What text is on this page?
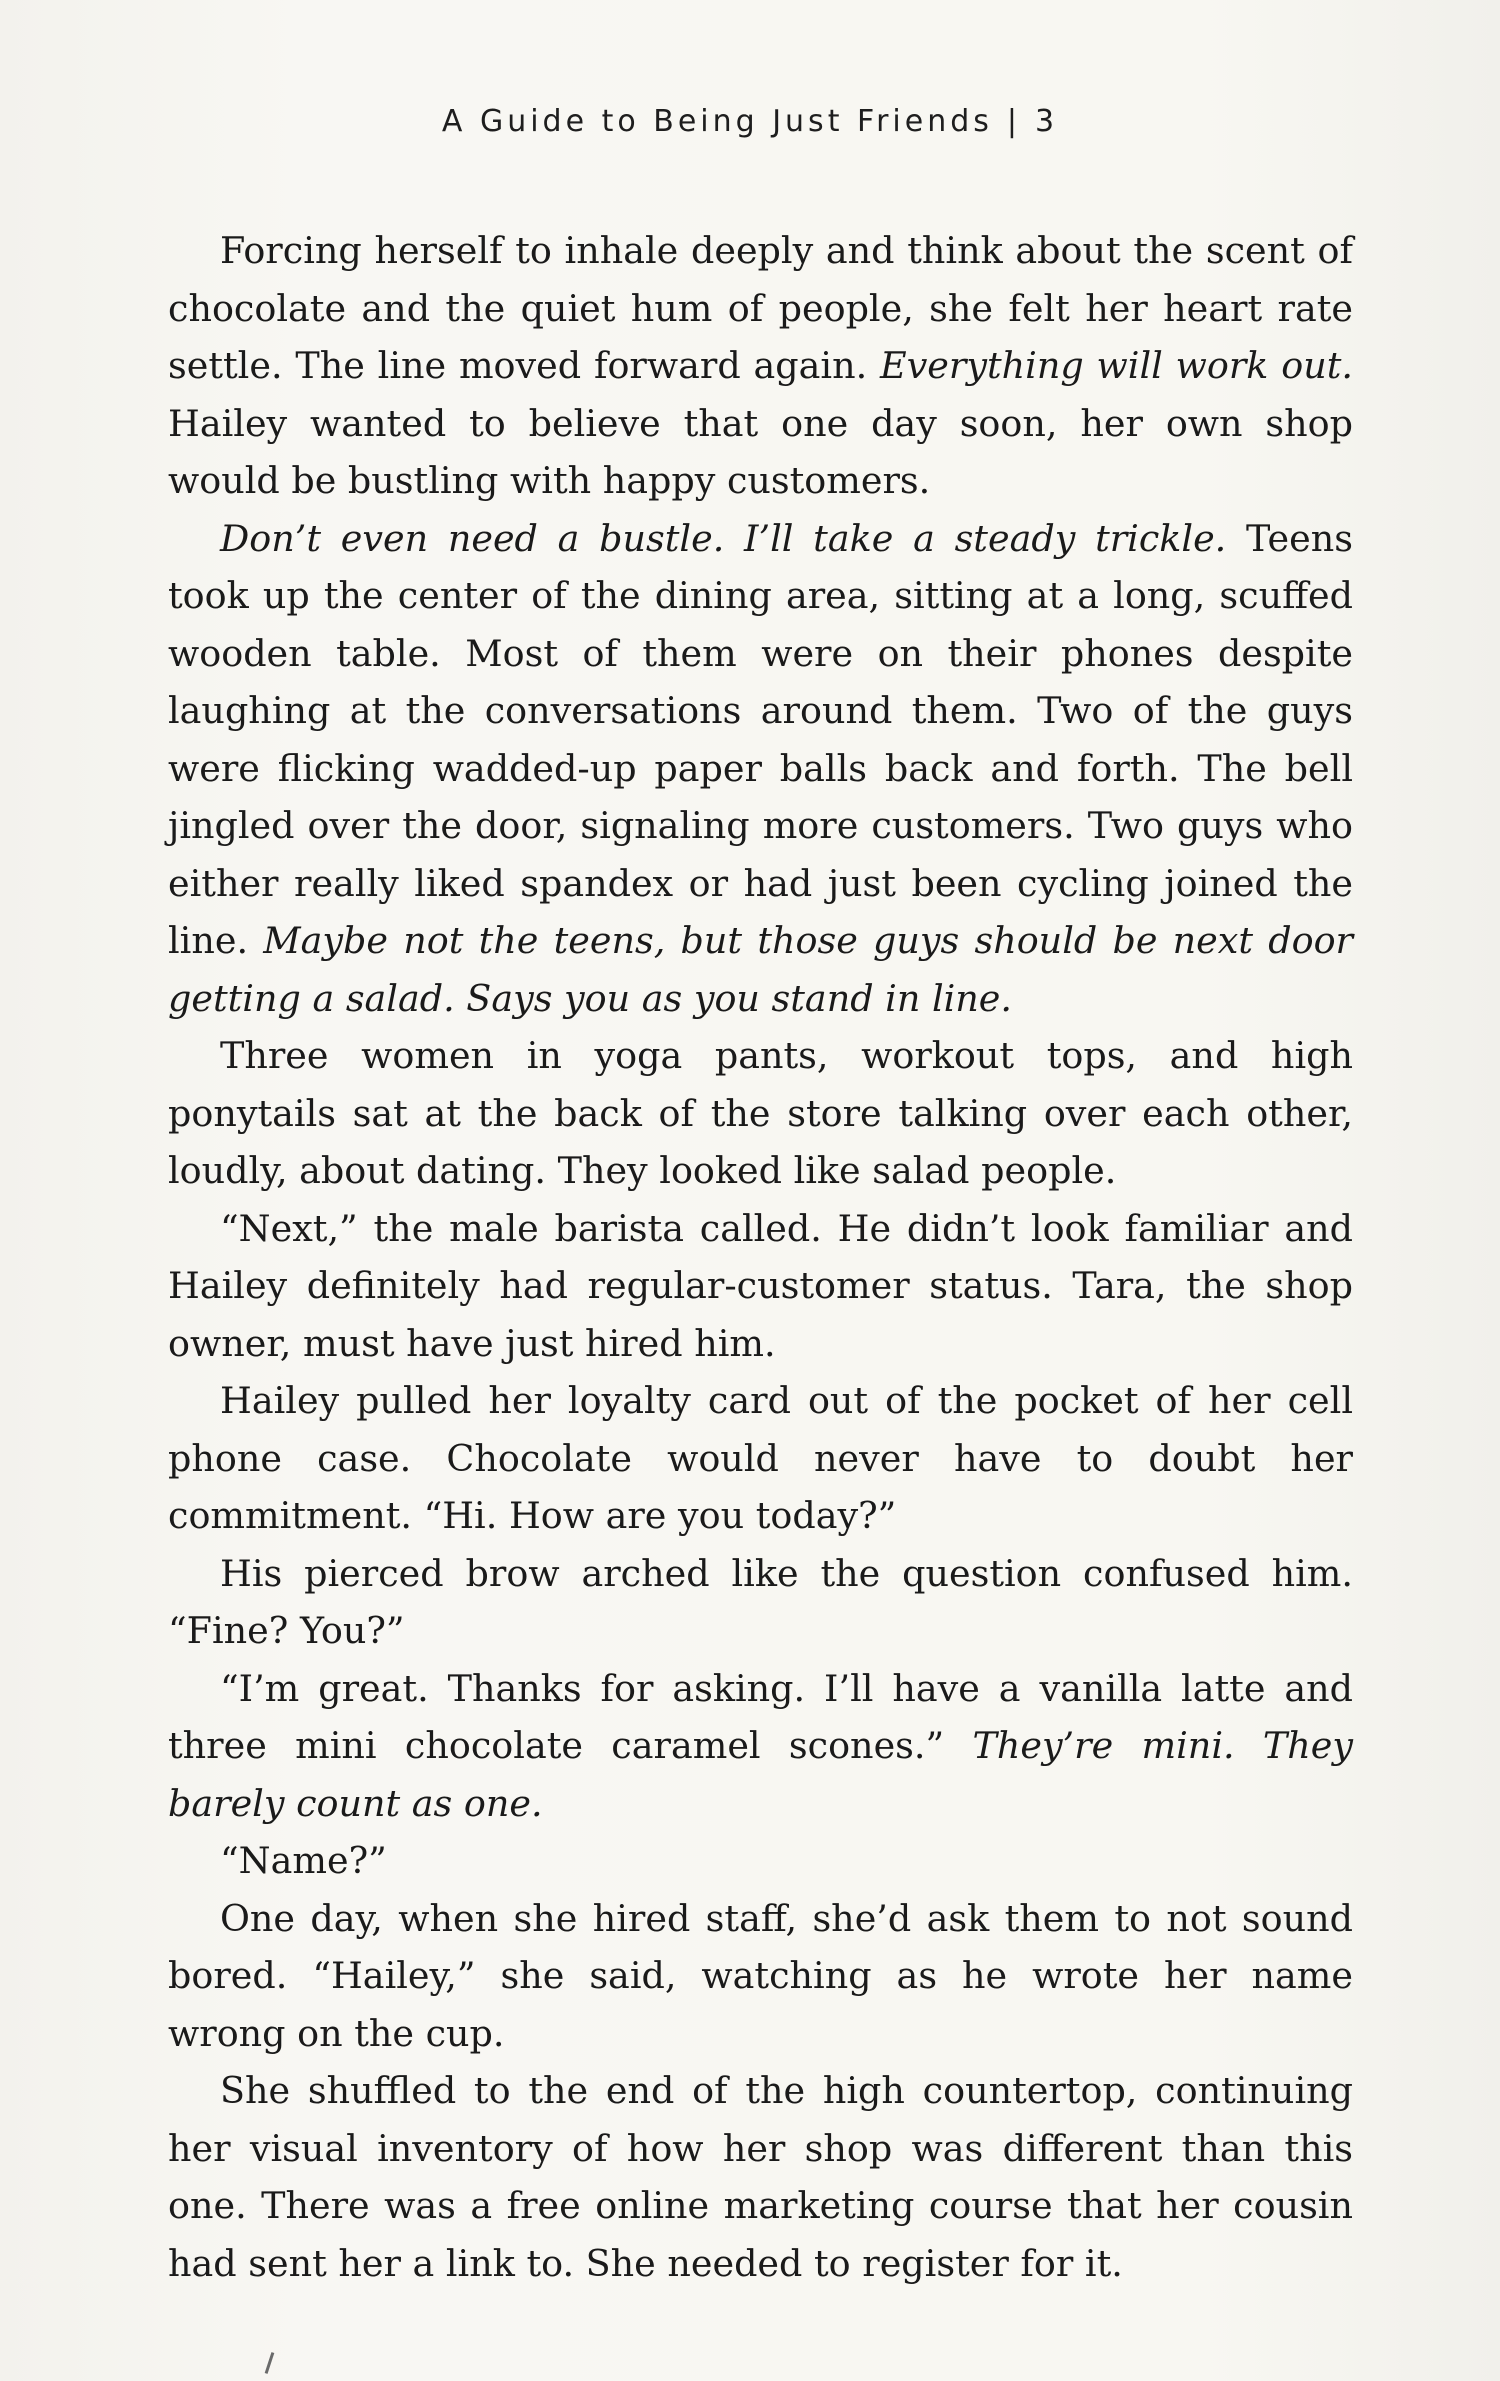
A Guide to Being Just Friends | 3

Forcing herself to inhale deeply and think about the scent of chocolate and the quiet hum of people, she felt her heart rate settle. The line moved forward again. Everything will work out. Hailey wanted to believe that one day soon, her own shop would be bustling with happy customers.

Don’t even need a bustle. I’ll take a steady trickle. Teens took up the center of the dining area, sitting at a long, scuffed wooden table. Most of them were on their phones despite laughing at the conversations around them. Two of the guys were flicking wadded-up paper balls back and forth. The bell jingled over the door, signaling more customers. Two guys who either really liked spandex or had just been cycling joined the line. Maybe not the teens, but those guys should be next door getting a salad. Says you as you stand in line.

Three women in yoga pants, workout tops, and high ponytails sat at the back of the store talking over each other, loudly, about dating. They looked like salad people.

“Next,” the male barista called. He didn’t look familiar and Hailey definitely had regular-customer status. Tara, the shop owner, must have just hired him.

Hailey pulled her loyalty card out of the pocket of her cell phone case. Chocolate would never have to doubt her commitment. “Hi. How are you today?”

His pierced brow arched like the question confused him. “Fine? You?”

“I’m great. Thanks for asking. I’ll have a vanilla latte and three mini chocolate caramel scones.” They’re mini. They barely count as one.

“Name?”

One day, when she hired staff, she’d ask them to not sound bored. “Hailey,” she said, watching as he wrote her name wrong on the cup.

She shuffled to the end of the high countertop, continuing her visual inventory of how her shop was different than this one. There was a free online marketing course that her cousin had sent her a link to. She needed to register for it.
